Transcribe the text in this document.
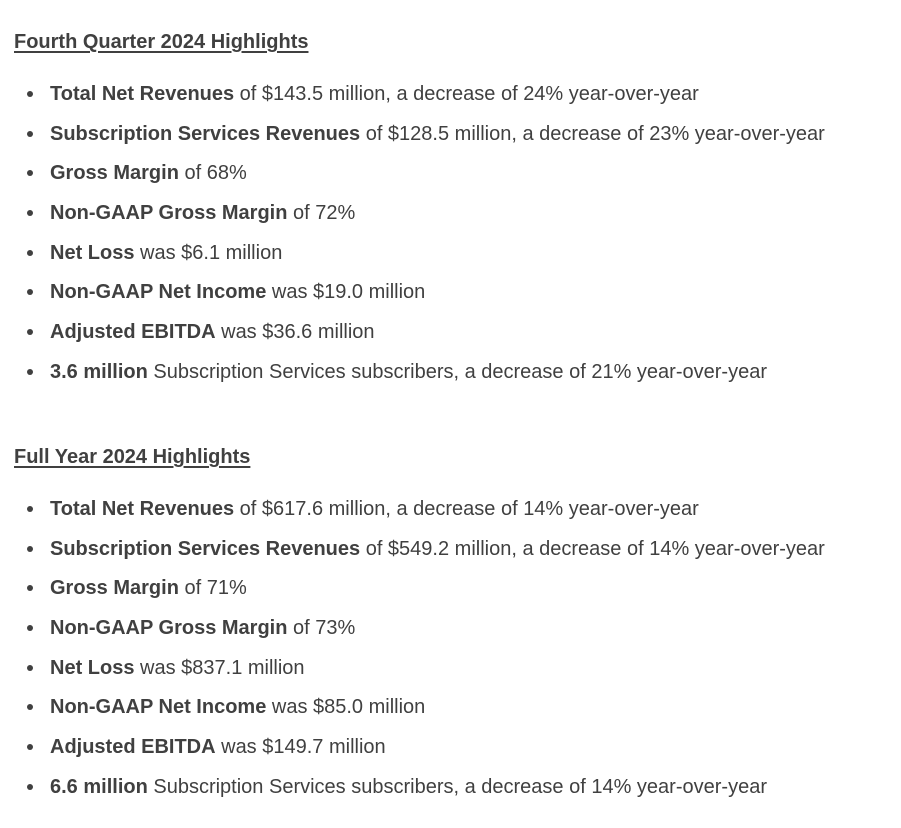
Fourth Quarter 2024 Highlights
Total Net Revenues of $143.5 million, a decrease of 24% year-over-year
Subscription Services Revenues of $128.5 million, a decrease of 23% year-over-year
Gross Margin of 68%
Non-GAAP Gross Margin of 72%
Net Loss was $6.1 million
Non-GAAP Net Income was $19.0 million
Adjusted EBITDA was $36.6 million
3.6 million Subscription Services subscribers, a decrease of 21% year-over-year
Full Year 2024 Highlights
Total Net Revenues of $617.6 million, a decrease of 14% year-over-year
Subscription Services Revenues of $549.2 million, a decrease of 14% year-over-year
Gross Margin of 71%
Non-GAAP Gross Margin of 73%
Net Loss was $837.1 million
Non-GAAP Net Income was $85.0 million
Adjusted EBITDA was $149.7 million
6.6 million Subscription Services subscribers, a decrease of 14% year-over-year
